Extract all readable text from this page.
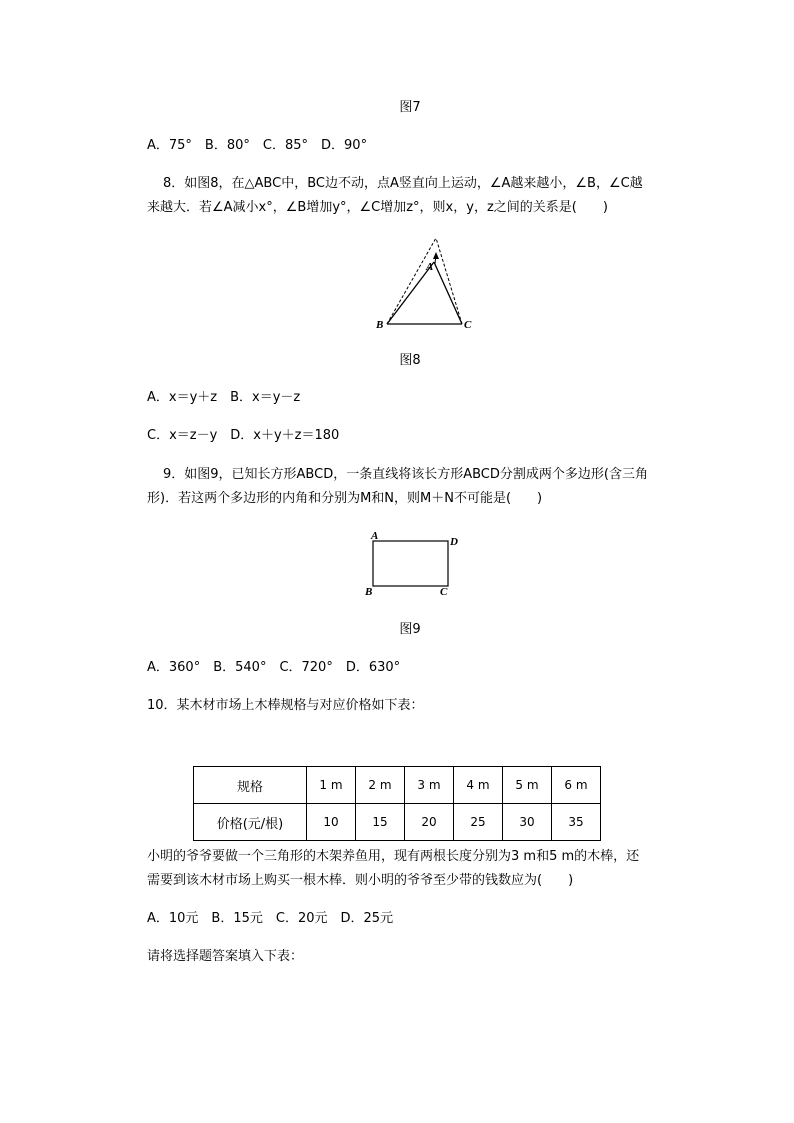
图7
A．75°　B．80°　C．85°　D．90°
8．如图8，在△ABC中，BC边不动，点A竖直向上运动，∠A越来越小，∠B，∠C越
来越大．若∠A减小x°，∠B增加y°，∠C增加z°，则x，y，z之间的关系是(　　)
A
B	C
图8
A．x＝y＋z　B．x＝y－z
C．x＝z－y　D．x＋y＋z＝180
9．如图9，已知长方形ABCD，一条直线将该长方形ABCD分割成两个多边形(含三角
形)．若这两个多边形的内角和分别为M和N，则M＋N不可能是(　　)
A	D
B	C
图9
A．360°　B．540°　C．720°　D．630°
10．某木材市场上木棒规格与对应价格如下表：
规格	1 m	2 m	3 m	4 m	5 m	6 m
价格(元/根)	10	15	20	25	30	35
小明的爷爷要做一个三角形的木架养鱼用，现有两根长度分别为3 m和5 m的木棒，还
需要到该木材市场上购买一根木棒．则小明的爷爷至少带的钱数应为(　　)
A．10元　B．15元　C．20元　D．25元
请将选择题答案填入下表：
